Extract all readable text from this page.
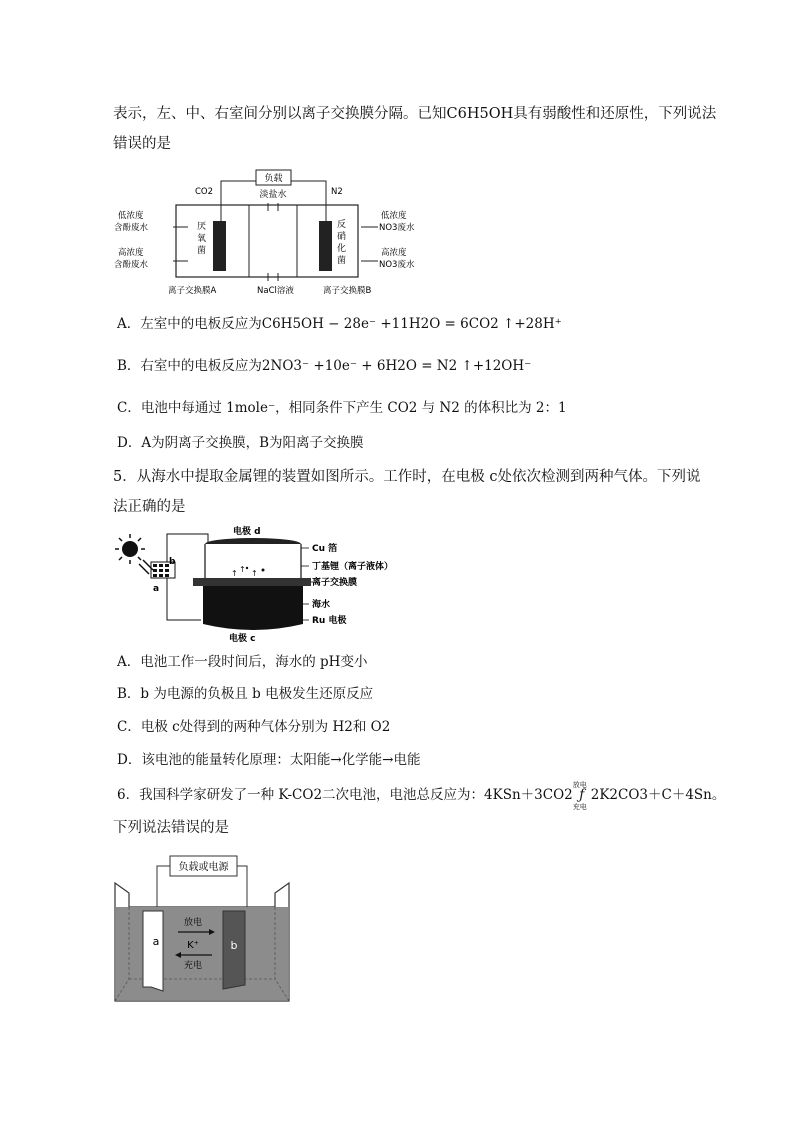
表示，左、中、右室间分别以离子交换膜分隔。已知C6H5OH具有弱酸性和还原性，下列说法
错误的是
负载
CO2	N2
淡盐水
低浓度 含酚废水
高浓度 含酚废水
厌 氧 菌
反 硝 化 菌
低浓度 NO3废水
高浓度 NO3废水
离子交换膜A	NaCl溶液	离子交换膜B
A．左室中的电板反应为C6H5OH − 28e⁻ +11H2O = 6CO2 ↑+28H⁺
B．右室中的电板反应为2NO3⁻ +10e⁻ + 6H2O = N2 ↑+12OH⁻
C．电池中每通过 1mole⁻，相同条件下产生 CO2 与 N2 的体积比为 2：1
D．A为阴离子交换膜，B为阳离子交换膜
5．从海水中提取金属锂的装置如图所示。工作时，在电极 c处依次检测到两种气体。下列说
法正确的是
b
a
↑ ↑ ↑
电极 d
Cu 箔
丁基锂（离子液体）
离子交换膜
海水
Ru 电极
电极 c
A．电池工作一段时间后，海水的 pH变小
B．b 为电源的负极且 b 电极发生还原反应
C．电极 c处得到的两种气体分别为 H2和 O2
D．该电池的能量转化原理：太阳能→化学能→电能
6．我国科学家研发了一种 K-CO2二次电池，电池总反应为：4KSn＋3CO2
放电
ƒ
充电
2K2CO3＋C＋4Sn。
下列说法错误的是
负载或电源
a	b
放电
K⁺
充电
